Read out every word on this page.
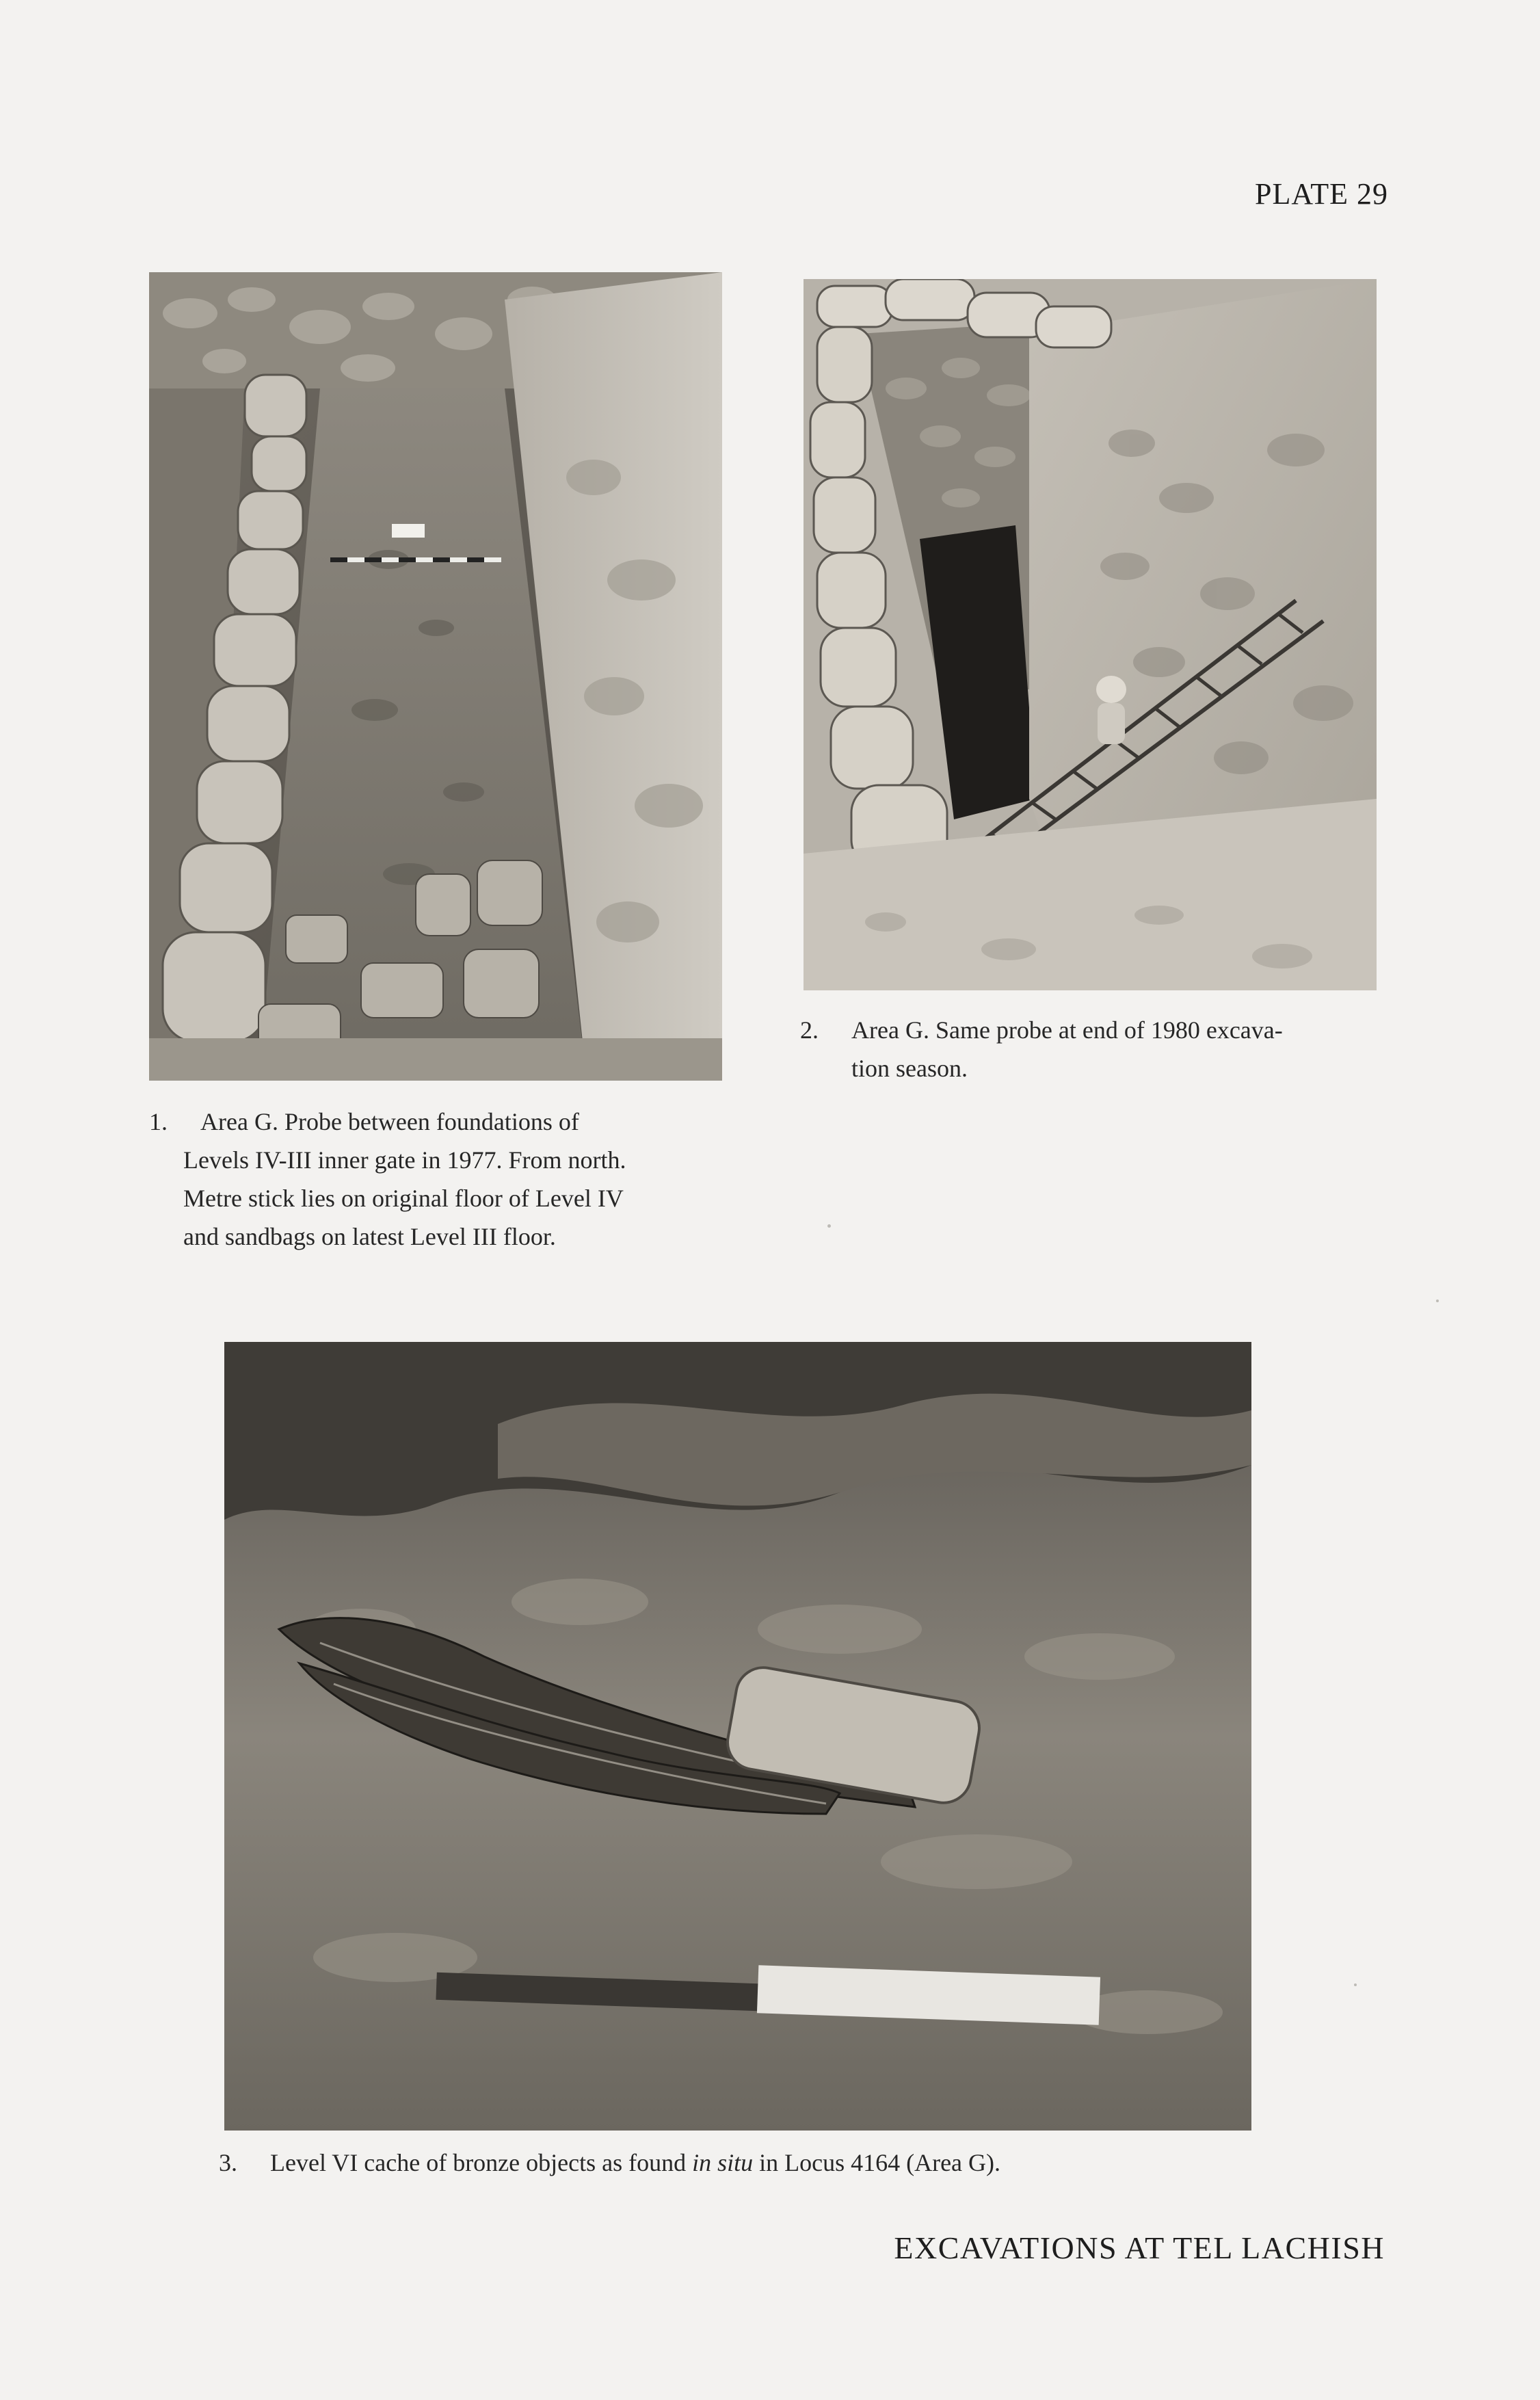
PLATE 29
2.	Area G. Same probe at end of 1980 excava-
tion season.
1.	Area G. Probe between foundations of
Levels IV-III inner gate in 1977. From north.
Metre stick lies on original floor of Level IV
and sandbags on latest Level III floor.
3.	Level VI cache of bronze objects as found in situ in Locus 4164 (Area G).
EXCAVATIONS AT TEL LACHISH
